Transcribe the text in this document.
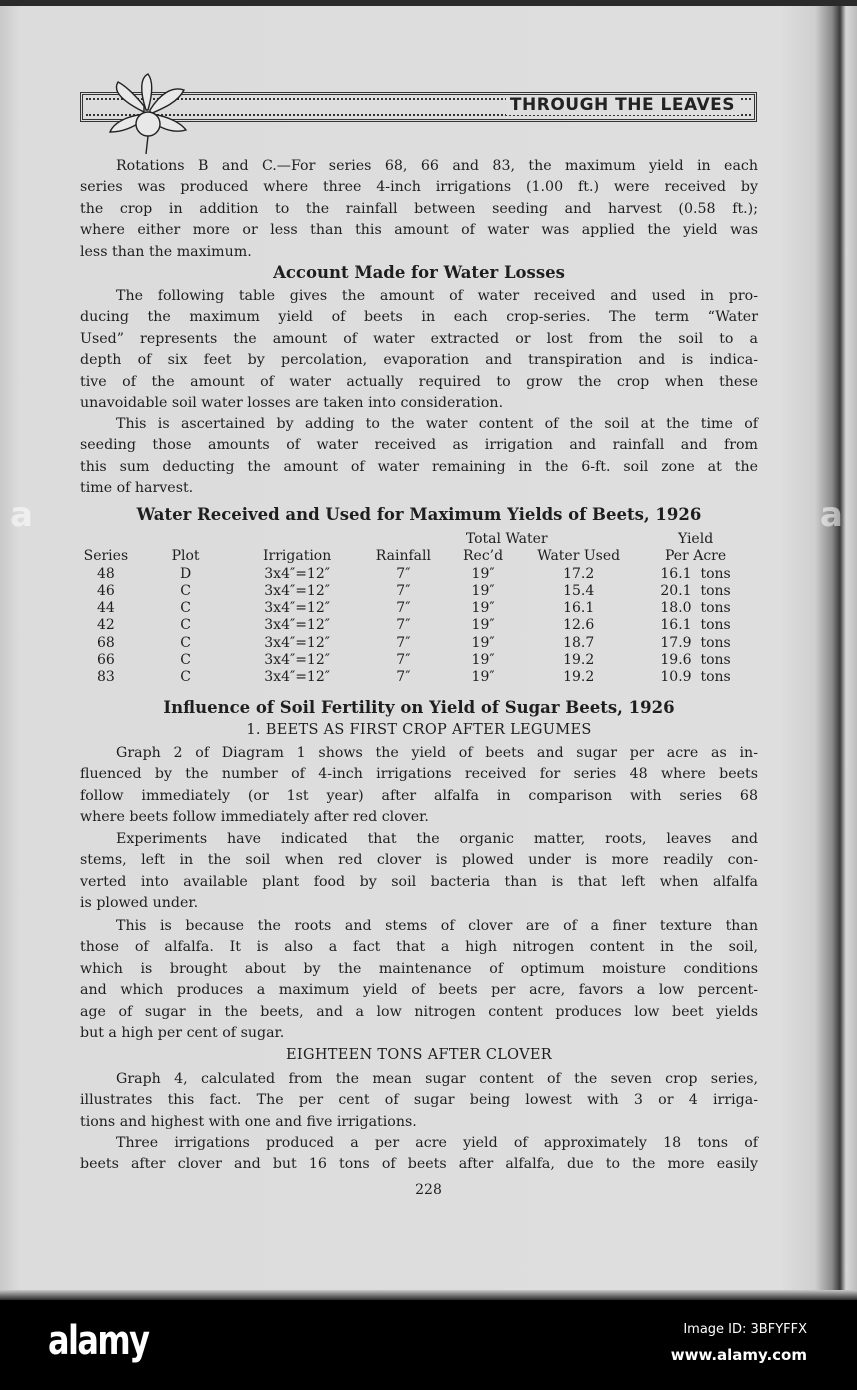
THROUGH THE LEAVES
Rotations B and C.—For series 68, 66 and 83, the maximum yield in each
series was produced where three 4-inch irrigations (1.00 ft.) were received by
the crop in addition to the rainfall between seeding and harvest (0.58 ft.);
where either more or less than this amount of water was applied the yield was
less than the maximum.
Account Made for Water Losses
The following table gives the amount of water received and used in pro-
ducing the maximum yield of beets in each crop-series. The term “Water
Used” represents the amount of water extracted or lost from the soil to a
depth of six feet by percolation, evaporation and transpiration and is indica-
tive of the amount of water actually required to grow the crop when these
unavoidable soil water losses are taken into consideration.
This is ascertained by adding to the water content of the soil at the time of
seeding those amounts of water received as irrigation and rainfall and from
this sum deducting the amount of water remaining in the 6-ft. soil zone at the
time of harvest.
Water Received and Used for Maximum Yields of Beets, 1926
Influence of Soil Fertility on Yield of Sugar Beets, 1926
1. BEETS AS FIRST CROP AFTER LEGUMES
Graph 2 of Diagram 1 shows the yield of beets and sugar per acre as in-
fluenced by the number of 4-inch irrigations received for series 48 where beets
follow immediately (or 1st year) after alfalfa in comparison with series 68
where beets follow immediately after red clover.
Experiments have indicated that the organic matter, roots, leaves and
stems, left in the soil when red clover is plowed under is more readily con-
verted into available plant food by soil bacteria than is that left when alfalfa
is plowed under.
This is because the roots and stems of clover are of a finer texture than
those of alfalfa. It is also a fact that a high nitrogen content in the soil,
which is brought about by the maintenance of optimum moisture conditions
and which produces a maximum yield of beets per acre, favors a low percent-
age of sugar in the beets, and a low nitrogen content produces low beet yields
but a high per cent of sugar.
EIGHTEEN TONS AFTER CLOVER
Graph 4, calculated from the mean sugar content of the seven crop series,
illustrates this fact. The per cent of sugar being lowest with 3 or 4 irriga-
tions and highest with one and five irrigations.
Three irrigations produced a per acre yield of approximately 18 tons of
beets after clover and but 16 tons of beets after alfalfa, due to the more easily
				Total Water		Yield
Series	Plot	Irrigation	Rainfall	Rec’d	Water Used	Per Acre
48	D	3x4″=12″	7″	19″	17.2	16.1  tons
46	C	3x4″=12″	7″	19″	15.4	20.1  tons
44	C	3x4″=12″	7″	19″	16.1	18.0  tons
42	C	3x4″=12″	7″	19″	12.6	16.1  tons
68	C	3x4″=12″	7″	19″	18.7	17.9  tons
66	C	3x4″=12″	7″	19″	19.2	19.6  tons
83	C	3x4″=12″	7″	19″	19.2	10.9  tons
228
a	a
alamy	Image ID: 3BFYFFX
www.alamy.com
